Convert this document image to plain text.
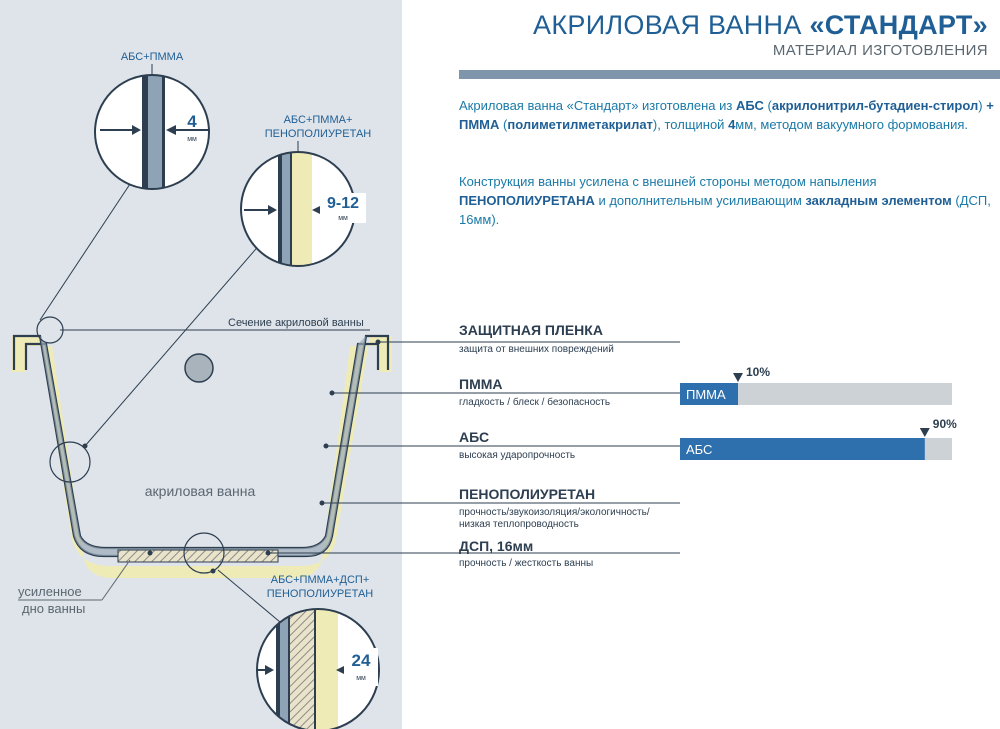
АКРИЛОВАЯ ВАННА «СТАНДАРТ»
МАТЕРИАЛ ИЗГОТОВЛЕНИЯ
Акриловая ванна «Стандарт» изготовлена из АБС (акрилонитрил-бутадиен-стирол) + ПММА (полиметилметакрилат), толщиной 4мм, методом вакуумного формования.
Конструкция ванны усилена с внешней стороны методом напыления ПЕНОПОЛИУРЕТАНА и дополнительным усиливающим закладным элементом (ДСП, 16мм).
акриловая ванна
Сечение акриловой ванны
усиленное
дно ванны
АБС+ПММА
4
мм
АБС+ПММА+
ПЕНОПОЛИУРЕТАН
9-12
мм
АБС+ПММА+ДСП+
ПЕНОПОЛИУРЕТАН
24
мм
ЗАЩИТНАЯ ПЛЕНКА
защита от внешних повреждений
ПММА
гладкость / блеск / безопасность
АБС
высокая ударопрочность
ПЕНОПОЛИУРЕТАН
прочность/звукоизоляция/экологичность/
низкая теплопроводность
ДСП, 16мм
прочность / жесткость ванны
ПММА
10%
АБС
90%
